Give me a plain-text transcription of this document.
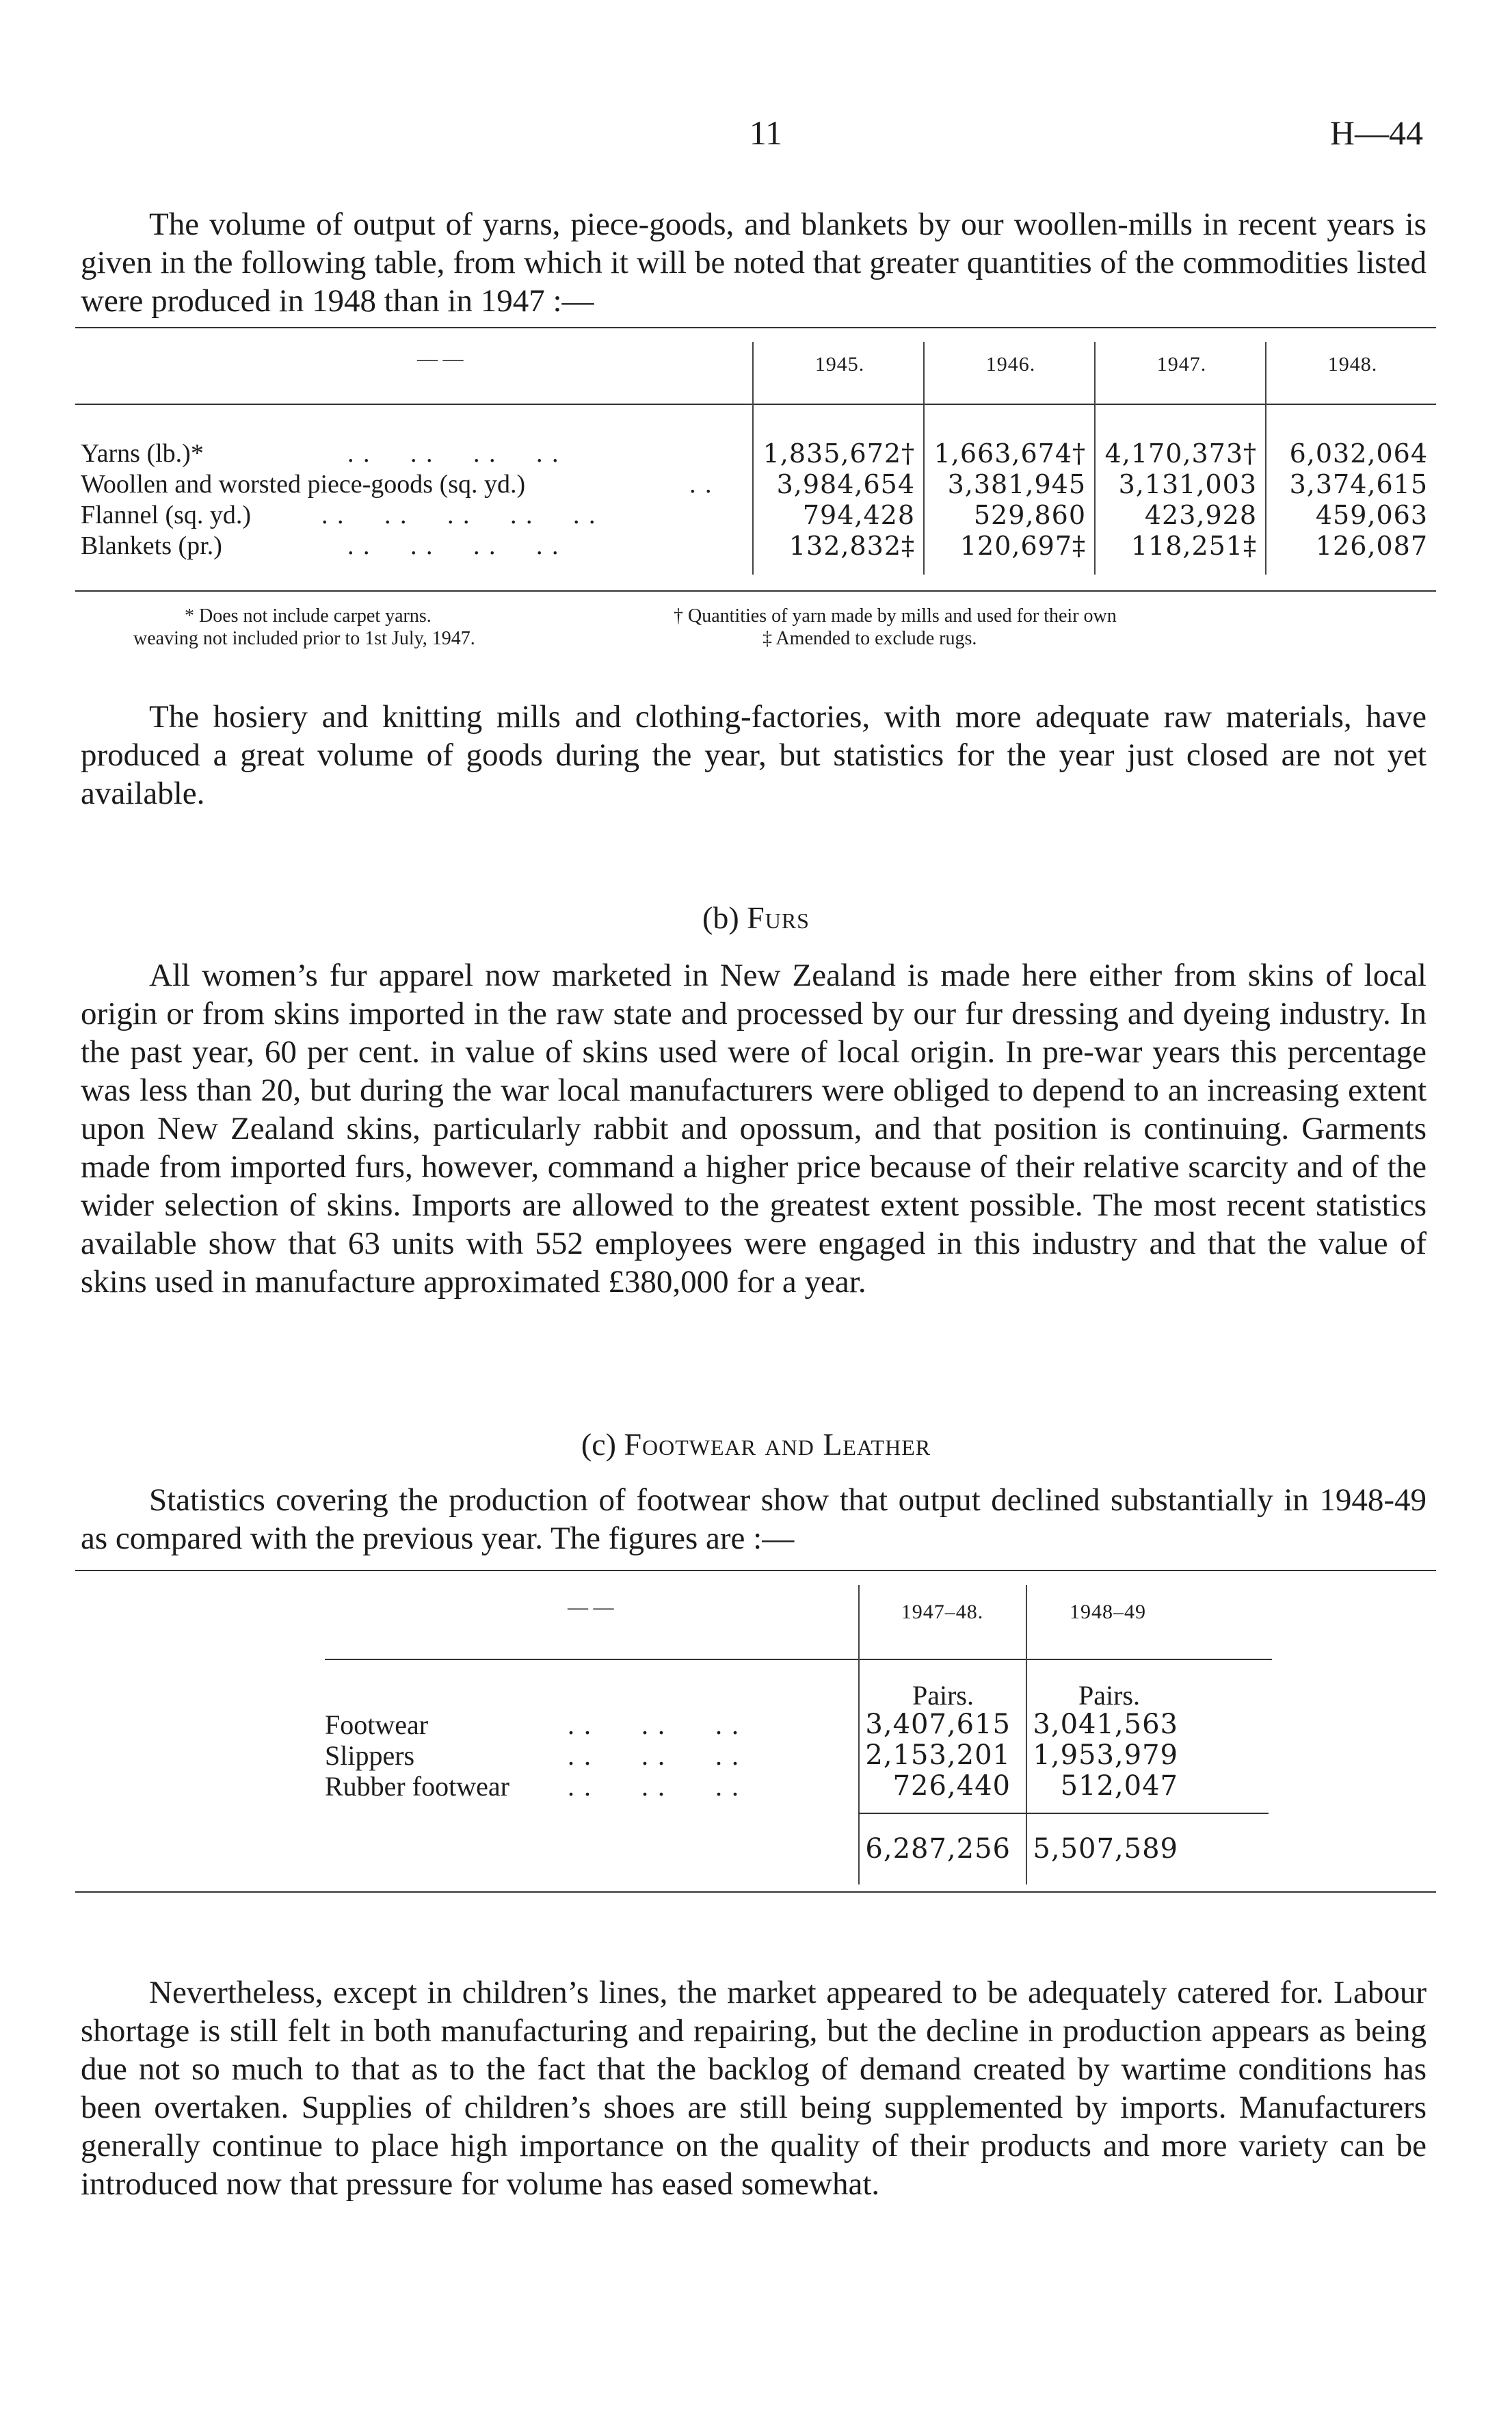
11	H—44

The volume of output of yarns, piece-goods, and blankets by our woollen-mills in recent years is given in the following table, from which it will be noted that greater quantities of the commodities listed were produced in 1948 than in 1947 :—

— —	1945.	1946.	1947.	1948.
Yarns (lb.)*	. .     . .     . .     . .	1,835,672† 1,663,674† 4,170,373†	6,032,064
Woollen and worsted piece-goods (sq. yd.)	. .	3,984,654	3,381,945	3,131,003	3,374,615
Flannel (sq. yd.)	. .     . .     . .     . .     . .	794,428	529,860	423,928	459,063
Blankets (pr.)	. .     . .     . .     . .	132,832‡	120,697‡	118,251‡	126,087
* Does not include carpet yarns.	† Quantities of yarn made by mills and used for their own
weaving not included prior to 1st July, 1947.	‡ Amended to exclude rugs.

The hosiery and knitting mills and clothing-factories, with more adequate raw materials, have produced a great volume of goods during the year, but statistics for the year just closed are not yet available.

(b) Furs

All women’s fur apparel now marketed in New Zealand is made here either from skins of local origin or from skins imported in the raw state and processed by our fur dressing and dyeing industry. In the past year, 60 per cent. in value of skins used were of local origin. In pre-war years this percentage was less than 20, but during the war local manufacturers were obliged to depend to an increasing extent upon New Zealand skins, particularly rabbit and opossum, and that position is continuing. Garments made from imported furs, however, command a higher price because of their relative scarcity and of the wider selection of skins. Imports are allowed to the greatest extent possible. The most recent statistics available show that 63 units with 552 employees were engaged in this industry and that the value of skins used in manufacture approximated £380,000 for a year.

(c) Footwear and Leather

Statistics covering the production of footwear show that output declined substantially in 1948-49 as compared with the previous year. The figures are :—

— —	1947–48.	1948–49
Pairs.	Pairs.
Footwear	. .      . .      . .	3,407,615 3,041,563
Slippers	. .      . .      . .	2,153,201 1,953,979
Rubber footwear . .      . .      . .	726,440	512,047
6,287,256 5,507,589

Nevertheless, except in children’s lines, the market appeared to be adequately catered for. Labour shortage is still felt in both manufacturing and repairing, but the decline in production appears as being due not so much to that as to the fact that the backlog of demand created by wartime conditions has been overtaken. Supplies of children’s shoes are still being supplemented by imports. Manufacturers generally continue to place high importance on the quality of their products and more variety can be introduced now that pressure for volume has eased somewhat.
